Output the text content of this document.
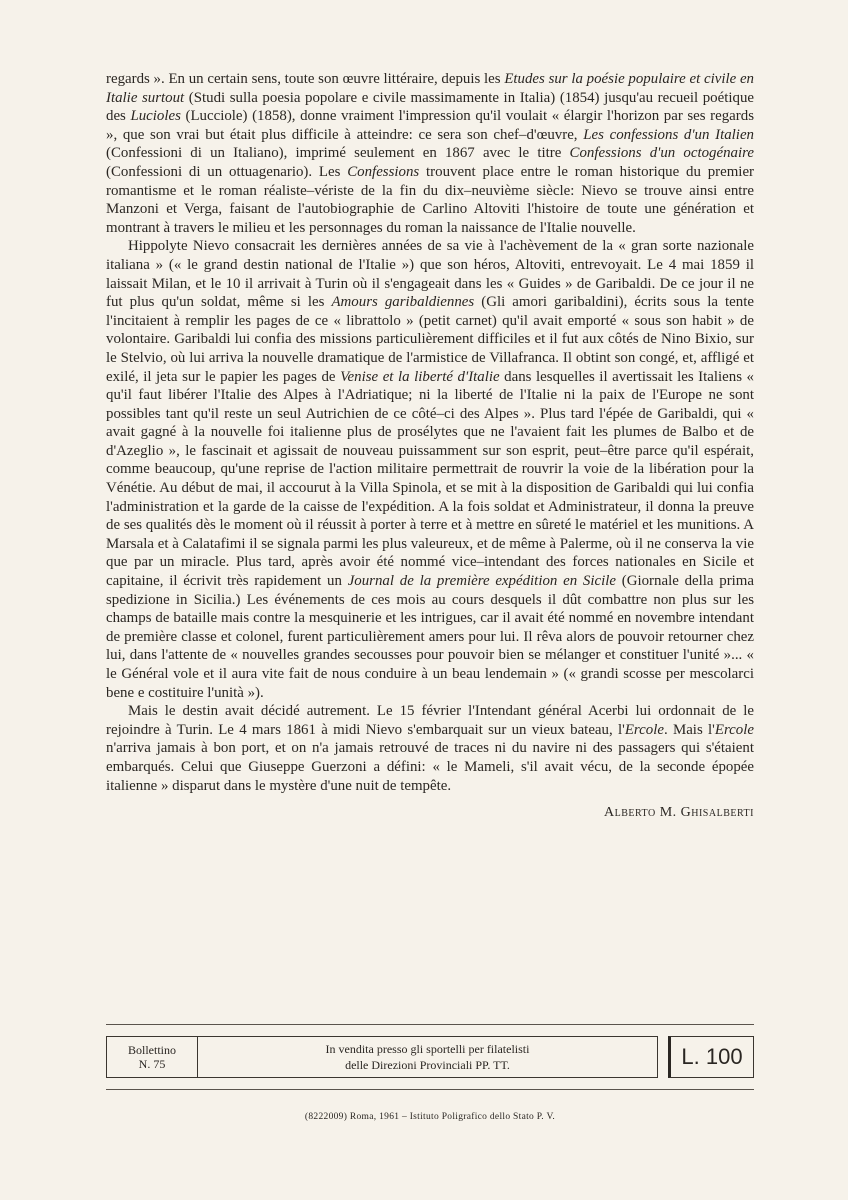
regards ». En un certain sens, toute son œuvre littéraire, depuis les Etudes sur la poésie populaire et civile en Italie surtout (Studi sulla poesia popolare e civile massimamente in Italia) (1854) jusqu'au recueil poétique des Lucioles (Lucciole) (1858), donne vraiment l'impression qu'il voulait « élargir l'horizon par ses regards », que son vrai but était plus difficile à atteindre: ce sera son chef–d'œuvre, Les confessions d'un Italien (Confessioni di un Italiano), imprimé seulement en 1867 avec le titre Confessions d'un octogénaire (Confessioni di un ottuagenario). Les Confessions trouvent place entre le roman historique du premier romantisme et le roman réaliste–vériste de la fin du dix–neuvième siècle: Nievo se trouve ainsi entre Manzoni et Verga, faisant de l'autobiographie de Carlino Altoviti l'histoire de toute une génération et montrant à travers le milieu et les personnages du roman la naissance de l'Italie nouvelle.

Hippolyte Nievo consacrait les dernières années de sa vie à l'achèvement de la « gran sorte nazionale italiana » (« le grand destin national de l'Italie ») que son héros, Altoviti, entrevoyait. Le 4 mai 1859 il laissait Milan, et le 10 il arrivait à Turin où il s'engageait dans les « Guides » de Garibaldi. De ce jour il ne fut plus qu'un soldat, même si les Amours garibaldiennes (Gli amori garibaldini), écrits sous la tente l'incitaient à remplir les pages de ce « librattolo » (petit carnet) qu'il avait emporté « sous son habit » de volontaire. Garibaldi lui confia des missions particulièrement difficiles et il fut aux côtés de Nino Bixio, sur le Stelvio, où lui arriva la nouvelle dramatique de l'armistice de Villafranca. Il obtint son congé, et, affligé et exilé, il jeta sur le papier les pages de Venise et la liberté d'Italie dans lesquelles il avertissait les Italiens « qu'il faut libérer l'Italie des Alpes à l'Adriatique; ni la liberté de l'Italie ni la paix de l'Europe ne sont possibles tant qu'il reste un seul Autrichien de ce côté–ci des Alpes ». Plus tard l'épée de Garibaldi, qui « avait gagné à la nouvelle foi italienne plus de prosélytes que ne l'avaient fait les plumes de Balbo et de d'Azeglio », le fascinait et agissait de nouveau puissamment sur son esprit, peut–être parce qu'il espérait, comme beaucoup, qu'une reprise de l'action militaire permettrait de rouvrir la voie de la libération pour la Vénétie. Au début de mai, il accourut à la Villa Spinola, et se mit à la disposition de Garibaldi qui lui confia l'administration et la garde de la caisse de l'expédition. A la fois soldat et Administrateur, il donna la preuve de ses qualités dès le moment où il réussit à porter à terre et à mettre en sûreté le matériel et les munitions. A Marsala et à Calatafimi il se signala parmi les plus valeureux, et de même à Palerme, où il ne conserva la vie que par un miracle. Plus tard, après avoir été nommé vice–intendant des forces nationales en Sicile et capitaine, il écrivit très rapidement un Journal de la première expédition en Sicile (Giornale della prima spedizione in Sicilia.) Les événements de ces mois au cours desquels il dût combattre non plus sur les champs de bataille mais contre la mesquinerie et les intrigues, car il avait été nommé en novembre intendant de première classe et colonel, furent particulièrement amers pour lui. Il rêva alors de pouvoir retourner chez lui, dans l'attente de « nouvelles grandes secousses pour pouvoir bien se mélanger et constituer l'unité »... « le Général vole et il aura vite fait de nous conduire à un beau lendemain » (« grandi scosse per mescolarci bene e costituire l'unità »).

Mais le destin avait décidé autrement. Le 15 février l'Intendant général Acerbi lui ordonnait de le rejoindre à Turin. Le 4 mars 1861 à midi Nievo s'embarquait sur un vieux bateau, l'Ercole. Mais l'Ercole n'arriva jamais à bon port, et on n'a jamais retrouvé de traces ni du navire ni des passagers qui s'étaient embarqués. Celui que Giuseppe Guerzoni a défini: « le Mameli, s'il avait vécu, de la seconde épopée italienne » disparut dans le mystère d'une nuit de tempête.

Alberto M. Ghisalberti
Bollettino
N. 75
In vendita presso gli sportelli per filatelisti
delle Direzioni Provinciali PP. TT.	L. 100
(8222009) Roma, 1961 – Istituto Poligrafico dello Stato P. V.
